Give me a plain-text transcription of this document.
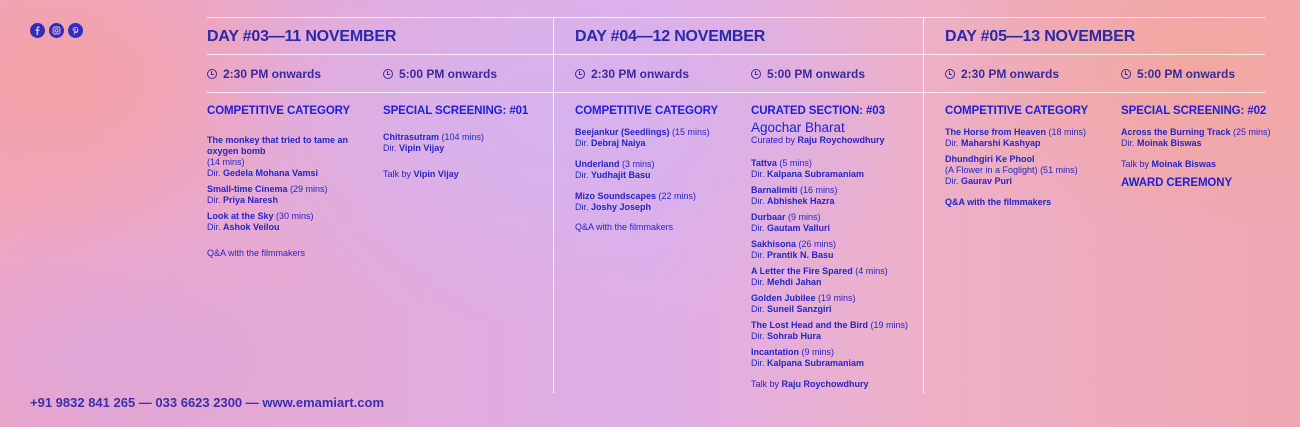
DAY #03—11 NOVEMBER
2:30 PM onwards	5:00 PM onwards
COMPETITIVE CATEGORY
The monkey that tried to tame an oxygen bomb
(14 mins)
Dir. Gedela Mohana Vamsi
Small-time Cinema (29 mins)
Dir. Priya Naresh
Look at the Sky (30 mins)
Dir. Ashok Veilou
Q&A with the filmmakers
SPECIAL SCREENING: #01
Chitrasutram (104 mins)
Dir. Vipin Vijay
Talk by Vipin Vijay
DAY #04—12 NOVEMBER
2:30 PM onwards	5:00 PM onwards
COMPETITIVE CATEGORY
Beejankur (Seedlings) (15 mins)
Dir. Debraj Naiya
Underland (3 mins)
Dir. Yudhajit Basu
Mizo Soundscapes (22 mins)
Dir. Joshy Joseph
Q&A with the filmmakers
CURATED SECTION: #03
Agochar Bharat
Curated by Raju Roychowdhury
Tattva (5 mins)
Dir. Kalpana Subramaniam
Barnalimiti (16 mins)
Dir. Abhishek Hazra
Durbaar (9 mins)
Dir. Gautam Valluri
Sakhisona (26 mins)
Dir. Prantik N. Basu
A Letter the Fire Spared (4 mins)
Dir. Mehdi Jahan
Golden Jubilee (19 mins)
Dir. Suneil Sanzgiri
The Lost Head and the Bird (19 mins)
Dir. Sohrab Hura
Incantation (9 mins)
Dir. Kalpana Subramaniam
Talk by Raju Roychowdhury
DAY #05—13 NOVEMBER
2:30 PM onwards	5:00 PM onwards
COMPETITIVE CATEGORY
The Horse from Heaven (18 mins)
Dir. Maharshi Kashyap
Dhundhgiri Ke Phool
(A Flower in a Foglight) (51 mins)
Dir. Gaurav Puri
Q&A with the filmmakers
SPECIAL SCREENING: #02
Across the Burning Track (25 mins)
Dir. Moinak Biswas
Talk by Moinak Biswas
AWARD CEREMONY
+91 9832 841 265 — 033 6623 2300 — www.emamiart.com
